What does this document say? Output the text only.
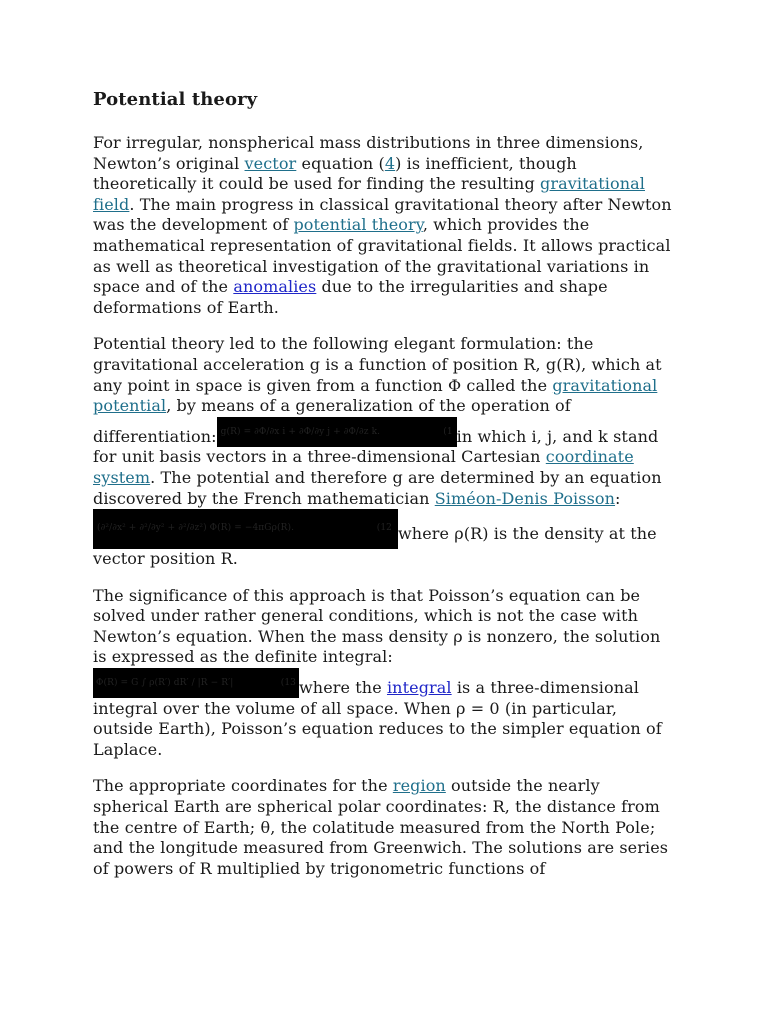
Potential theory

For irregular, nonspherical mass distributions in three dimensions, Newton’s original vector equation (4) is inefficient, though theoretically it could be used for finding the resulting gravitational field. The main progress in classical gravitational theory after Newton was the development of potential theory, which provides the mathematical representation of gravitational fields. It allows practical as well as theoretical investigation of the gravitational variations in space and of the anomalies due to the irregularities and shape deformations of Earth.

Potential theory led to the following elegant formulation: the gravitational acceleration g is a function of position R, g(R), which at any point in space is given from a function Φ called the gravitational potential, by means of a generalization of the operation of differentiation: g(R) = ∂Φ/∂x i + ∂Φ/∂y j + ∂Φ/∂z k.	(1 in which i, j, and k stand for unit basis vectors in a three-dimensional Cartesian coordinate system. The potential and therefore g are determined by an equation discovered by the French mathematician Siméon-Denis Poisson:

(∂²/∂x² + ∂²/∂y² + ∂²/∂z²) Φ(R) = −4πGρ(R).	(12 where ρ(R) is the density at the vector position R.

The significance of this approach is that Poisson’s equation can be solved under rather general conditions, which is not the case with Newton’s equation. When the mass density ρ is nonzero, the solution is expressed as the definite integral:

Φ(R) = G ∫ ρ(R′) dR′ / |R − R′|	(13 where the integral is a three-dimensional integral over the volume of all space. When ρ = 0 (in particular, outside Earth), Poisson’s equation reduces to the simpler equation of Laplace.

The appropriate coordinates for the region outside the nearly spherical Earth are spherical polar coordinates: R, the distance from the centre of Earth; θ, the colatitude measured from the North Pole; and the longitude measured from Greenwich. The solutions are series of powers of R multiplied by trigonometric functions of
